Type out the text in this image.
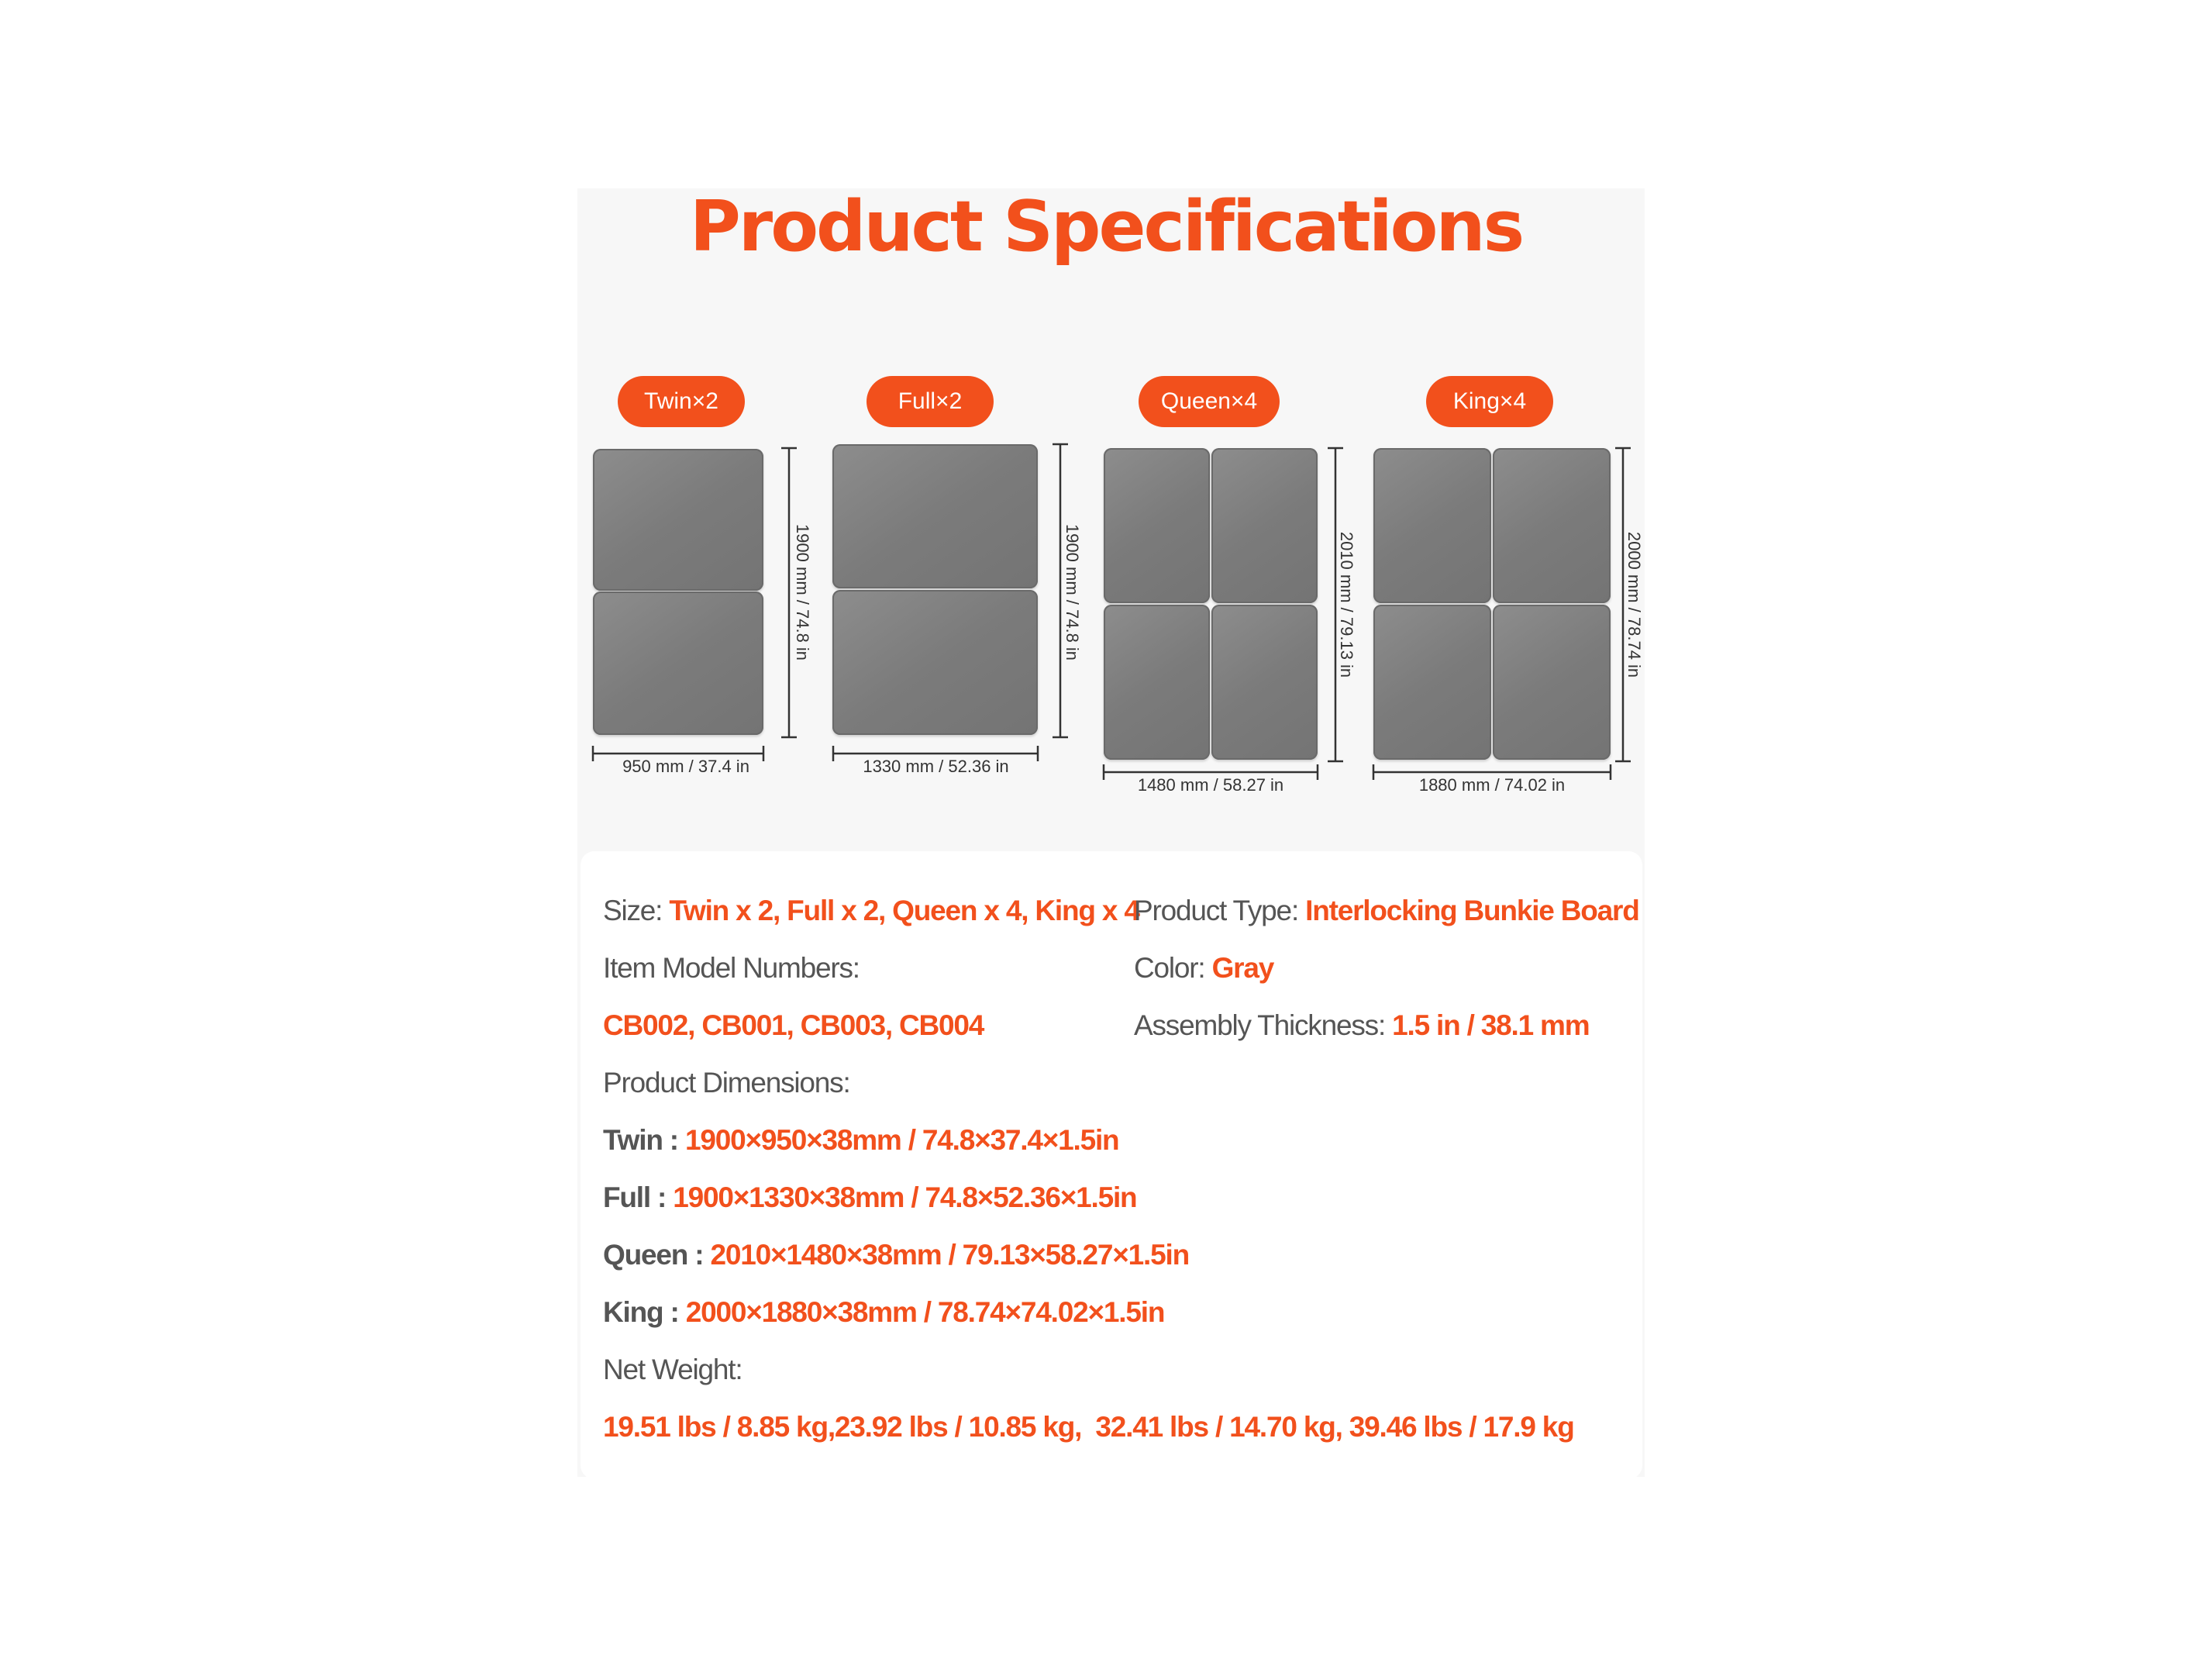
Product Specifications
Twin×2	Full×2	Queen×4	King×4
1900 mm / 74.8 in
950 mm / 37.4 in
1900 mm / 74.8 in
1330 mm / 52.36 in
2010 mm / 79.13 in
1480 mm / 58.27 in
2000 mm / 78.74 in
1880 mm / 74.02 in
Size: Twin x 2, Full x 2, Queen x 4, King x 4
Product Type: Interlocking Bunkie Board
Item Model Numbers:	Color: Gray
CB002, CB001, CB003, CB004	Assembly Thickness: 1.5 in / 38.1 mm
Product Dimensions:
Twin : 1900×950×38mm / 74.8×37.4×1.5in
Full : 1900×1330×38mm / 74.8×52.36×1.5in
Queen : 2010×1480×38mm / 79.13×58.27×1.5in
King : 2000×1880×38mm / 78.74×74.02×1.5in
Net Weight:
19.51 lbs / 8.85 kg,23.92 lbs / 10.85 kg,  32.41 lbs / 14.70 kg, 39.46 lbs / 17.9 kg
